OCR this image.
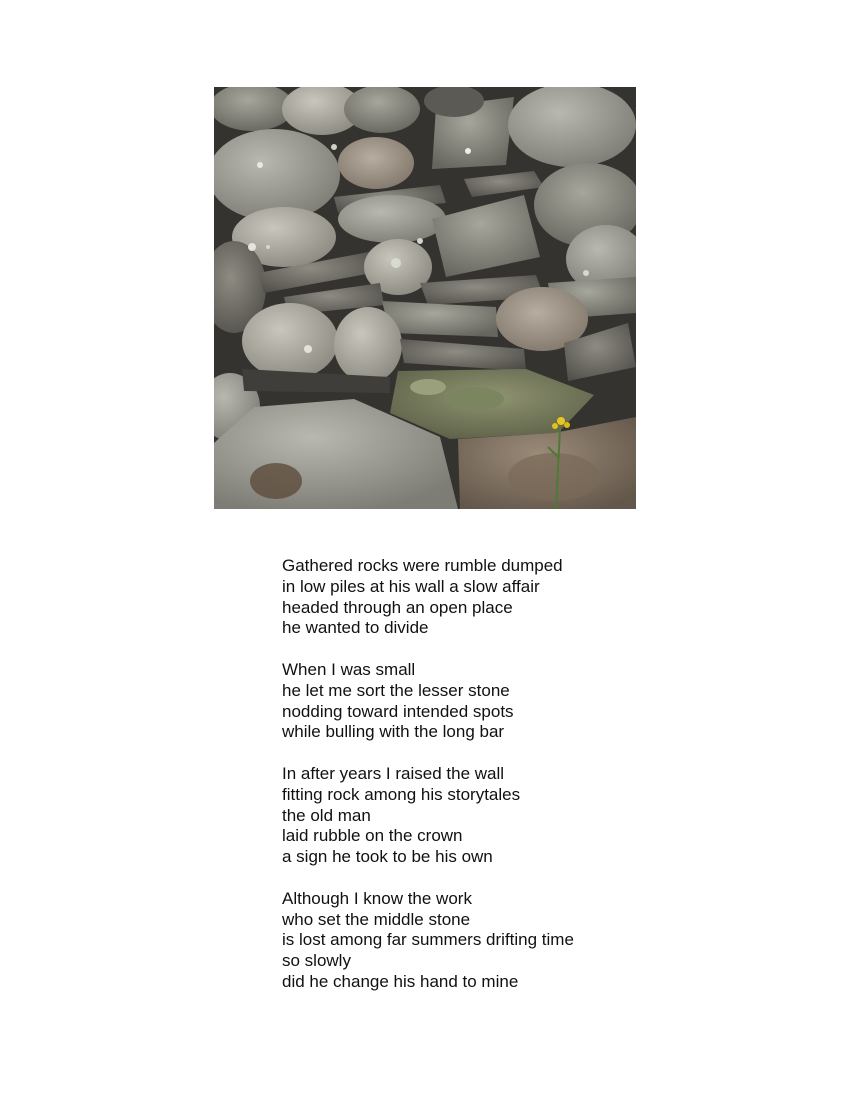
Gathered rocks were rumble dumped
in low piles at his wall a slow affair
headed through an open place
he wanted to divide
When I was small
he let me sort the lesser stone
nodding toward intended spots
while bulling with the long bar
In after years I raised the wall
fitting rock among his storytales
the old man
laid rubble on the crown
a sign he took to be his own
Although I know the work
who set the middle stone
is lost among far summers drifting time
so slowly
did he change his hand to mine
